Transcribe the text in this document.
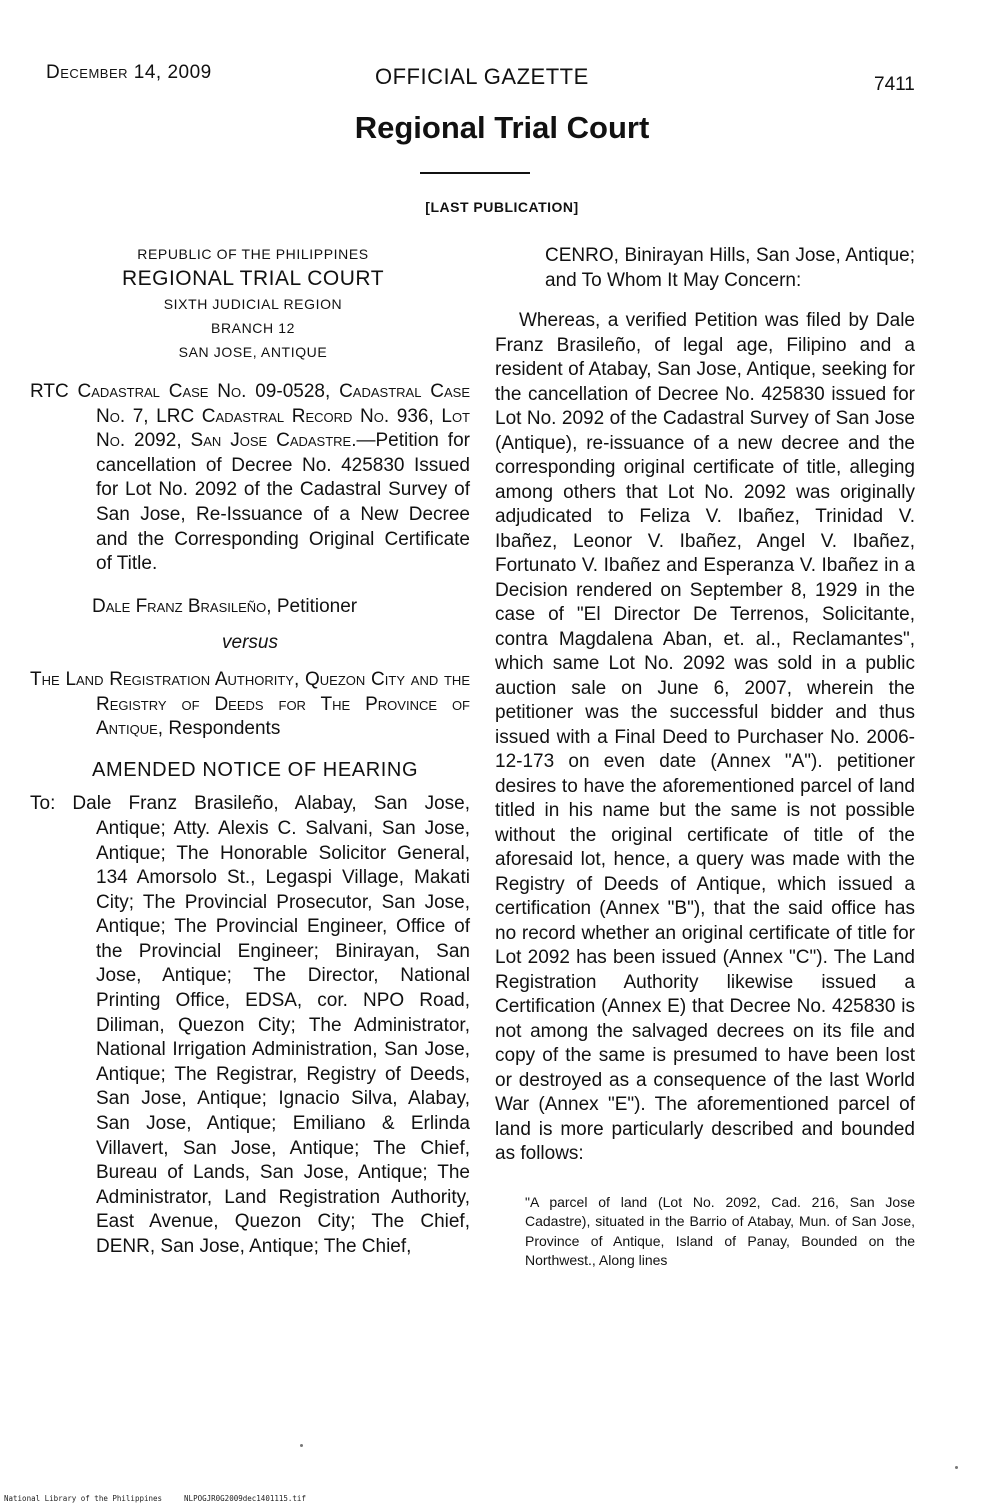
December 14, 2009	OFFICIAL GAZETTE	7411
Regional Trial Court
[LAST PUBLICATION]
REPUBLIC OF THE PHILIPPINES
REGIONAL TRIAL COURT
SIXTH JUDICIAL REGION
BRANCH 12
SAN JOSE, ANTIQUE
RTC Cadastral Case No. 09-0528, Cadastral Case No. 7, LRC Cadastral Record No. 936, Lot No. 2092, San Jose Cadastre.—Petition for cancellation of Decree No. 425830 Issued for Lot No. 2092 of the Cadastral Survey of San Jose, Re-Issuance of a New Decree and the Corresponding Original Certificate of Title.
Dale Franz Brasileño, Petitioner
versus
The Land Registration Authority, Quezon City and the Registry of Deeds for The Province of Antique, Respondents
AMENDED NOTICE OF HEARING
To: Dale Franz Brasileño, Alabay, San Jose, Antique; Atty. Alexis C. Salvani, San Jose, Antique; The Honorable Solicitor General, 134 Amorsolo St., Legaspi Village, Makati City; The Provincial Prosecutor, San Jose, Antique; The Provincial Engineer, Office of the Provincial Engineer; Binirayan, San Jose, Antique; The Director, National Printing Office, EDSA, cor. NPO Road, Diliman, Quezon City; The Administrator, National Irrigation Administration, San Jose, Antique; The Registrar, Registry of Deeds, San Jose, Antique; Ignacio Silva, Alabay, San Jose, Antique; Emiliano & Erlinda Villavert, San Jose, Antique; The Chief, Bureau of Lands, San Jose, Antique; The Administrator, Land Registration Authority, East Avenue, Quezon City; The Chief, DENR, San Jose, Antique; The Chief,
CENRO, Binirayan Hills, San Jose, Antique; and To Whom It May Concern:
Whereas, a verified Petition was filed by Dale Franz Brasileño, of legal age, Filipino and a resident of Atabay, San Jose, Antique, seeking for the cancellation of Decree No. 425830 issued for Lot No. 2092 of the Cadastral Survey of San Jose (Antique), re-issuance of a new decree and the corresponding original certificate of title, alleging among others that Lot No. 2092 was originally adjudicated to Feliza V. Ibañez, Trinidad V. Ibañez, Leonor V. Ibañez, Angel V. Ibañez, Fortunato V. Ibañez and Esperanza V. Ibañez in a Decision rendered on September 8, 1929 in the case of "El Director De Terrenos, Solicitante, contra Magdalena Aban, et. al., Reclamantes", which same Lot No. 2092 was sold in a public auction sale on June 6, 2007, wherein the petitioner was the successful bidder and thus issued with a Final Deed to Purchaser No. 2006-12-173 on even date (Annex "A"). petitioner desires to have the aforementioned parcel of land titled in his name but the same is not possible without the original certificate of title of the aforesaid lot, hence, a query was made with the Registry of Deeds of Antique, which issued a certification (Annex "B"), that the said office has no record whether an original certificate of title for Lot 2092 has been issued (Annex "C"). The Land Registration Authority likewise issued a Certification (Annex E) that Decree No. 425830 is not among the salvaged decrees on its file and copy of the same is presumed to have been lost or destroyed as a consequence of the last World War (Annex "E"). The aforementioned parcel of land is more particularly described and bounded as follows:
"A parcel of land (Lot No. 2092, Cad. 216, San Jose Cadastre), situated in the Barrio of Atabay, Mun. of San Jose, Province of Antique, Island of Panay, Bounded on the Northwest., Along lines
National Library of the Philippines	NLPOGJR0G2009dec1401115.tif
